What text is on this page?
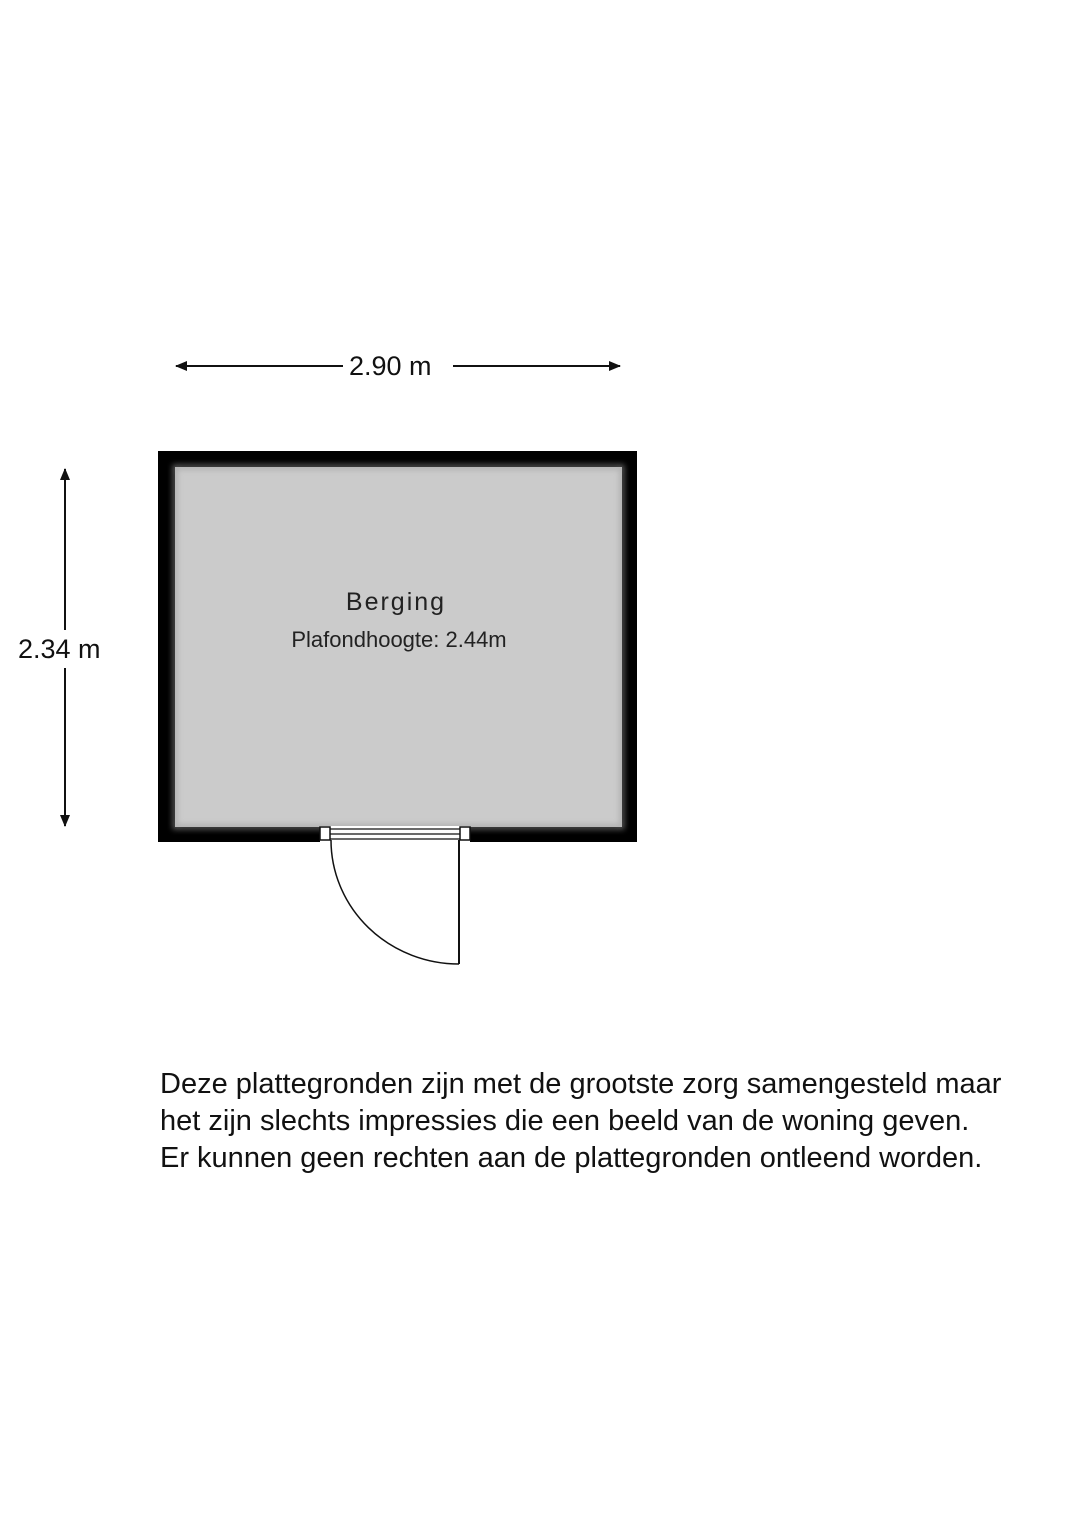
2.90 m
2.34 m
Berging
Plafondhoogte: 2.44m
Deze plattegronden zijn met de grootste zorg samengesteld maar
het zijn slechts impressies die een beeld van de woning geven.
Er kunnen geen rechten aan de plattegronden ontleend worden.
